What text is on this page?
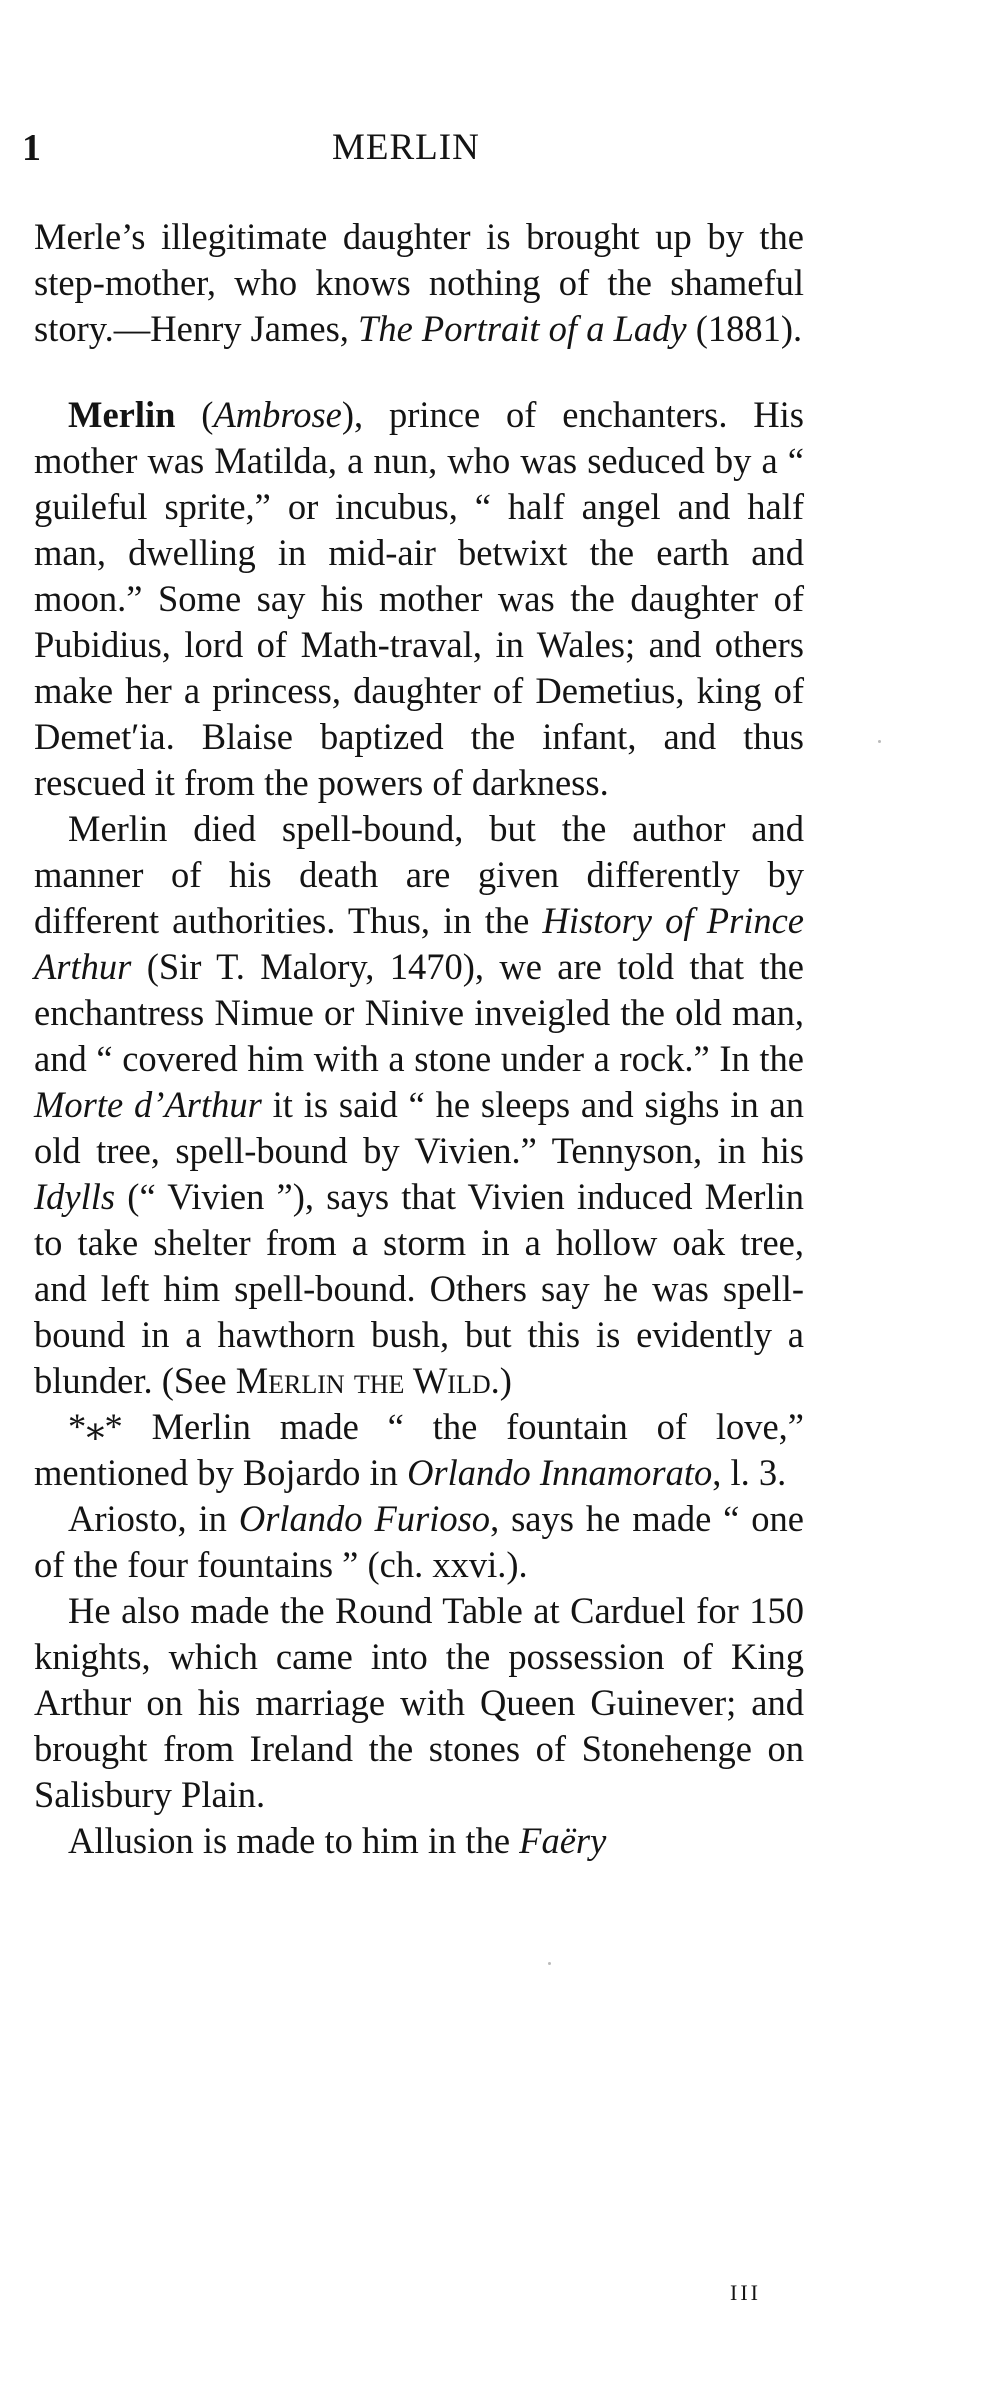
1	MERLIN

Merle’s illegitimate daughter is brought up by the step-mother, who knows nothing of the shameful story.—Henry James, The Portrait of a Lady (1881).

Merlin (Ambrose), prince of enchanters. His mother was Matilda, a nun, who was seduced by a “ guileful sprite,” or incubus, “ half angel and half man, dwelling in mid-air betwixt the earth and moon.” Some say his mother was the daughter of Pubidius, lord of Math-traval, in Wales; and others make her a princess, daughter of Demetius, king of Demet′ia. Blaise baptized the infant, and thus rescued it from the powers of darkness.

Merlin died spell-bound, but the author and manner of his death are given differently by different authorities. Thus, in the History of Prince Arthur (Sir T. Malory, 1470), we are told that the enchantress Nimue or Ninive inveigled the old man, and “ covered him with a stone under a rock.” In the Morte d’Arthur it is said “ he sleeps and sighs in an old tree, spell-bound by Vivien.” Tennyson, in his Idylls (“ Vivien ”), says that Vivien induced Merlin to take shelter from a storm in a hollow oak tree, and left him spell-bound. Others say he was spell-bound in a hawthorn bush, but this is evidently a blunder. (See Merlin the Wild.)

*⁎* Merlin made “ the fountain of love,” mentioned by Bojardo in Orlando Innamorato, l. 3.

Ariosto, in Orlando Furioso, says he made “ one of the four fountains ” (ch. xxvi.).

He also made the Round Table at Carduel for 150 knights, which came into the possession of King Arthur on his marriage with Queen Guinever; and brought from Ireland the stones of Stonehenge on Salisbury Plain.

Allusion is made to him in the Faëry

III
